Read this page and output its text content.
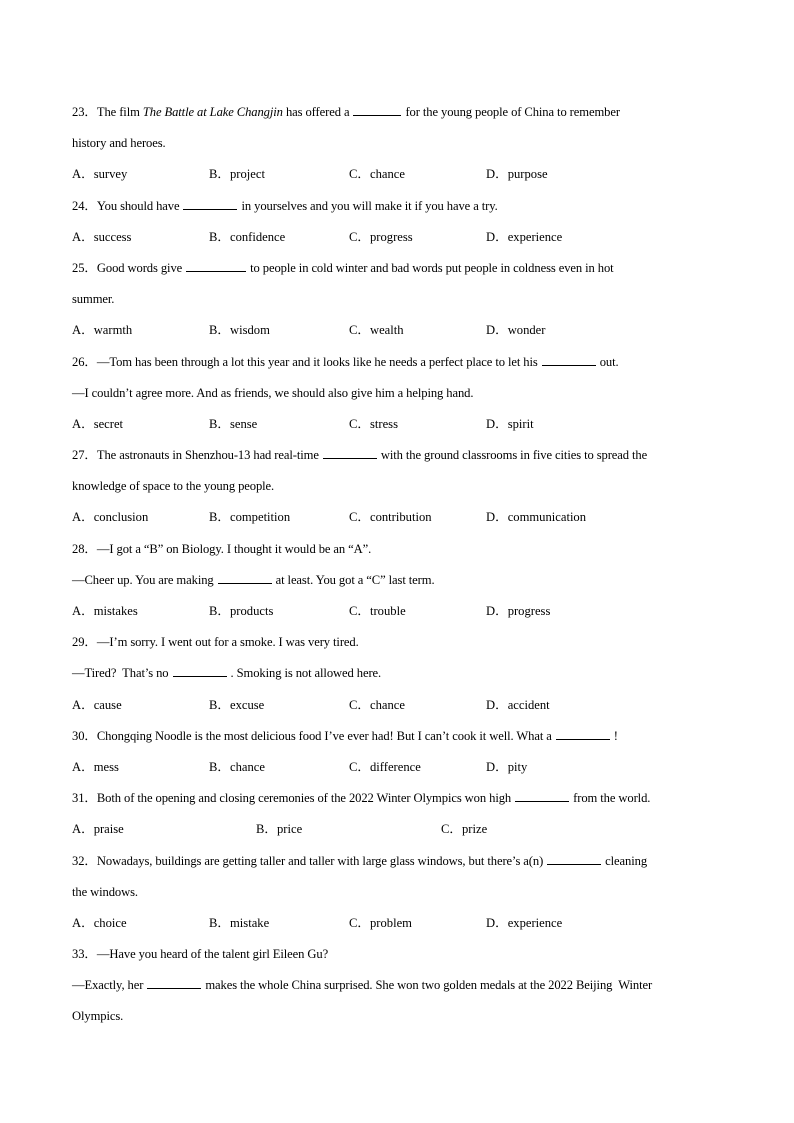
23．The film The Battle at Lake Changjin has offered a	for the young people of China to remember
history and heroes.
A．survey	B．project	C．chance	D．purpose
24．You should have	in yourselves and you will make it if you have a try.
A．success	B．confidence	C．progress	D．experience
25．Good words give	to people in cold winter and bad words put people in coldness even in hot
summer.
A．warmth	B．wisdom	C．wealth	D．wonder
26．—Tom has been through a lot this year and it looks like he needs a perfect place to let his	out.
—I couldn’t agree more. And as friends, we should also give him a helping hand.
A．secret	B．sense	C．stress	D．spirit
27．The astronauts in Shenzhou-13 had real-time	with the ground classrooms in five cities to spread the
knowledge of space to the young people.
A．conclusion	B．competition	C．contribution	D．communication
28．—I got a “B” on Biology. I thought it would be an “A”.
—Cheer up. You are making	at least. You got a “C” last term.
A．mistakes	B．products	C．trouble	D．progress
29．—I’m sorry. I went out for a smoke. I was very tired.
—Tired?  That’s no	. Smoking is not allowed here.
A．cause	B．excuse	C．chance	D．accident
30．Chongqing Noodle is the most delicious food I’ve ever had! But I can’t cook it well. What a	!
A．mess	B．chance	C．difference	D．pity
31．Both of the opening and closing ceremonies of the 2022 Winter Olympics won high	from the world.
A．praise	B．price	C．prize
32．Nowadays, buildings are getting taller and taller with large glass windows, but there’s a(n)	cleaning
the windows.
A．choice	B．mistake	C．problem	D．experience
33．—Have you heard of the talent girl Eileen Gu?
—Exactly, her	makes the whole China surprised. She won two golden medals at the 2022 Beijing  Winter
Olympics.
